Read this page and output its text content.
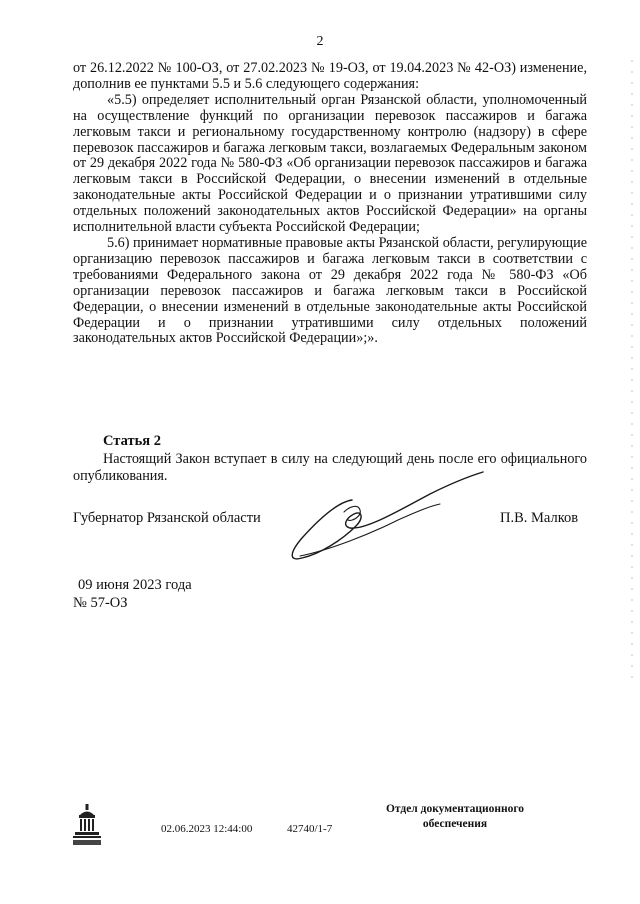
2

от 26.12.2022 № 100-ОЗ, от 27.02.2023 № 19-ОЗ, от 19.04.2023 № 42-ОЗ) изменение, дополнив ее пунктами 5.5 и 5.6 следующего содержания:

«5.5) определяет исполнительный орган Рязанской области, уполномоченный на осуществление функций по организации перевозок пассажиров и багажа легковым такси и региональному государственному контролю (надзору) в сфере перевозок пассажиров и багажа легковым такси, возлагаемых Федеральным законом от 29 декабря 2022 года № 580-ФЗ «Об организации перевозок пассажиров и багажа легковым такси в Российской Федерации, о внесении изменений в отдельные законодательные акты Российской Федерации и о признании утратившими силу отдельных положений законодательных актов Российской Федерации» на органы исполнительной власти субъекта Российской Федерации;

5.6) принимает нормативные правовые акты Рязанской области, регулирующие организацию перевозок пассажиров и багажа легковым такси в соответствии с требованиями Федерального закона от 29 декабря 2022 года № 580-ФЗ «Об организации перевозок пассажиров и багажа легковым такси в Российской Федерации, о внесении изменений в отдельные законодательные акты Российской Федерации и о признании утратившими силу отдельных положений законодательных актов Российской Федерации»;».

Статья 2

Настоящий Закон вступает в силу на следующий день после его официального опубликования.

Губернатор Рязанской области	П.В. Малков
09 июня 2023 года
№ 57-ОЗ
02.06.2023 12:44:00	42740/1-7
Отдел документационного
обеспечения
